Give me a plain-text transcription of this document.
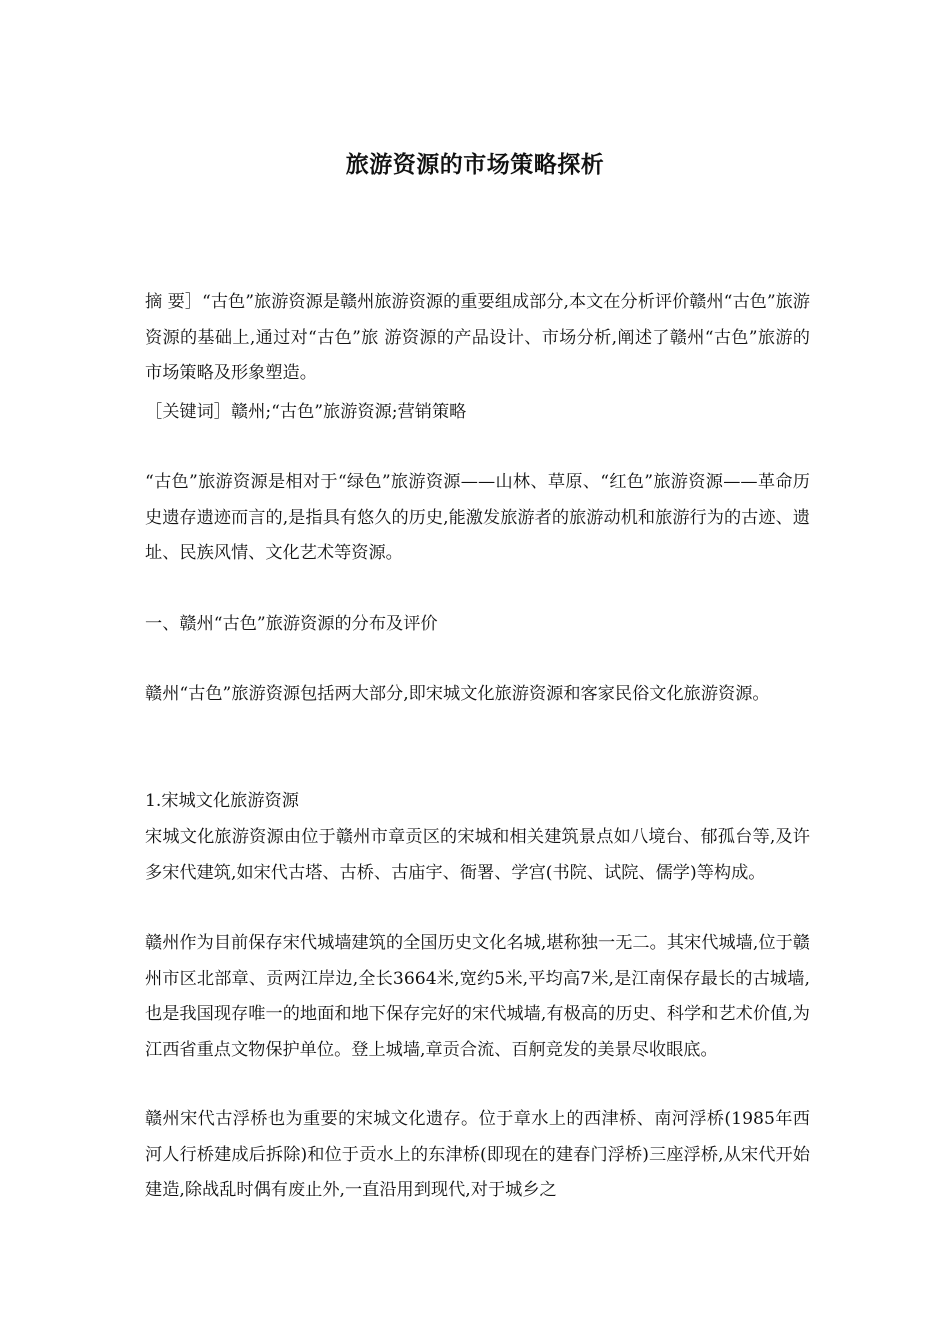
旅游资源的市场策略探析

摘 要］“古色”旅游资源是赣州旅游资源的重要组成部分,本文在分析评价赣州“古色”旅游资源的基础上,通过对“古色”旅 游资源的产品设计、市场分析,阐述了赣州“古色”旅游的市场策略及形象塑造。

［关键词］赣州;“古色”旅游资源;营销策略

“古色”旅游资源是相对于“绿色”旅游资源——山林、草原、“红色”旅游资源——革命历史遗存遗迹而言的,是指具有悠久的历史,能激发旅游者的旅游动机和旅游行为的古迹、遗址、民族风情、文化艺术等资源。

一、赣州“古色”旅游资源的分布及评价

赣州“古色”旅游资源包括两大部分,即宋城文化旅游资源和客家民俗文化旅游资源。

1.宋城文化旅游资源

宋城文化旅游资源由位于赣州市章贡区的宋城和相关建筑景点如八境台、郁孤台等,及许多宋代建筑,如宋代古塔、古桥、古庙宇、衙署、学宫(书院、试院、儒学)等构成。

赣州作为目前保存宋代城墙建筑的全国历史文化名城,堪称独一无二。其宋代城墙,位于赣州市区北部章、贡两江岸边,全长3664米,宽约5米,平均高7米,是江南保存最长的古城墙,也是我国现存唯一的地面和地下保存完好的宋代城墙,有极高的历史、科学和艺术价值,为江西省重点文物保护单位。登上城墙,章贡合流、百舸竞发的美景尽收眼底。

赣州宋代古浮桥也为重要的宋城文化遗存。位于章水上的西津桥、南河浮桥(1985年西河人行桥建成后拆除)和位于贡水上的东津桥(即现在的建春门浮桥)三座浮桥,从宋代开始建造,除战乱时偶有废止外,一直沿用到现代,对于城乡之
